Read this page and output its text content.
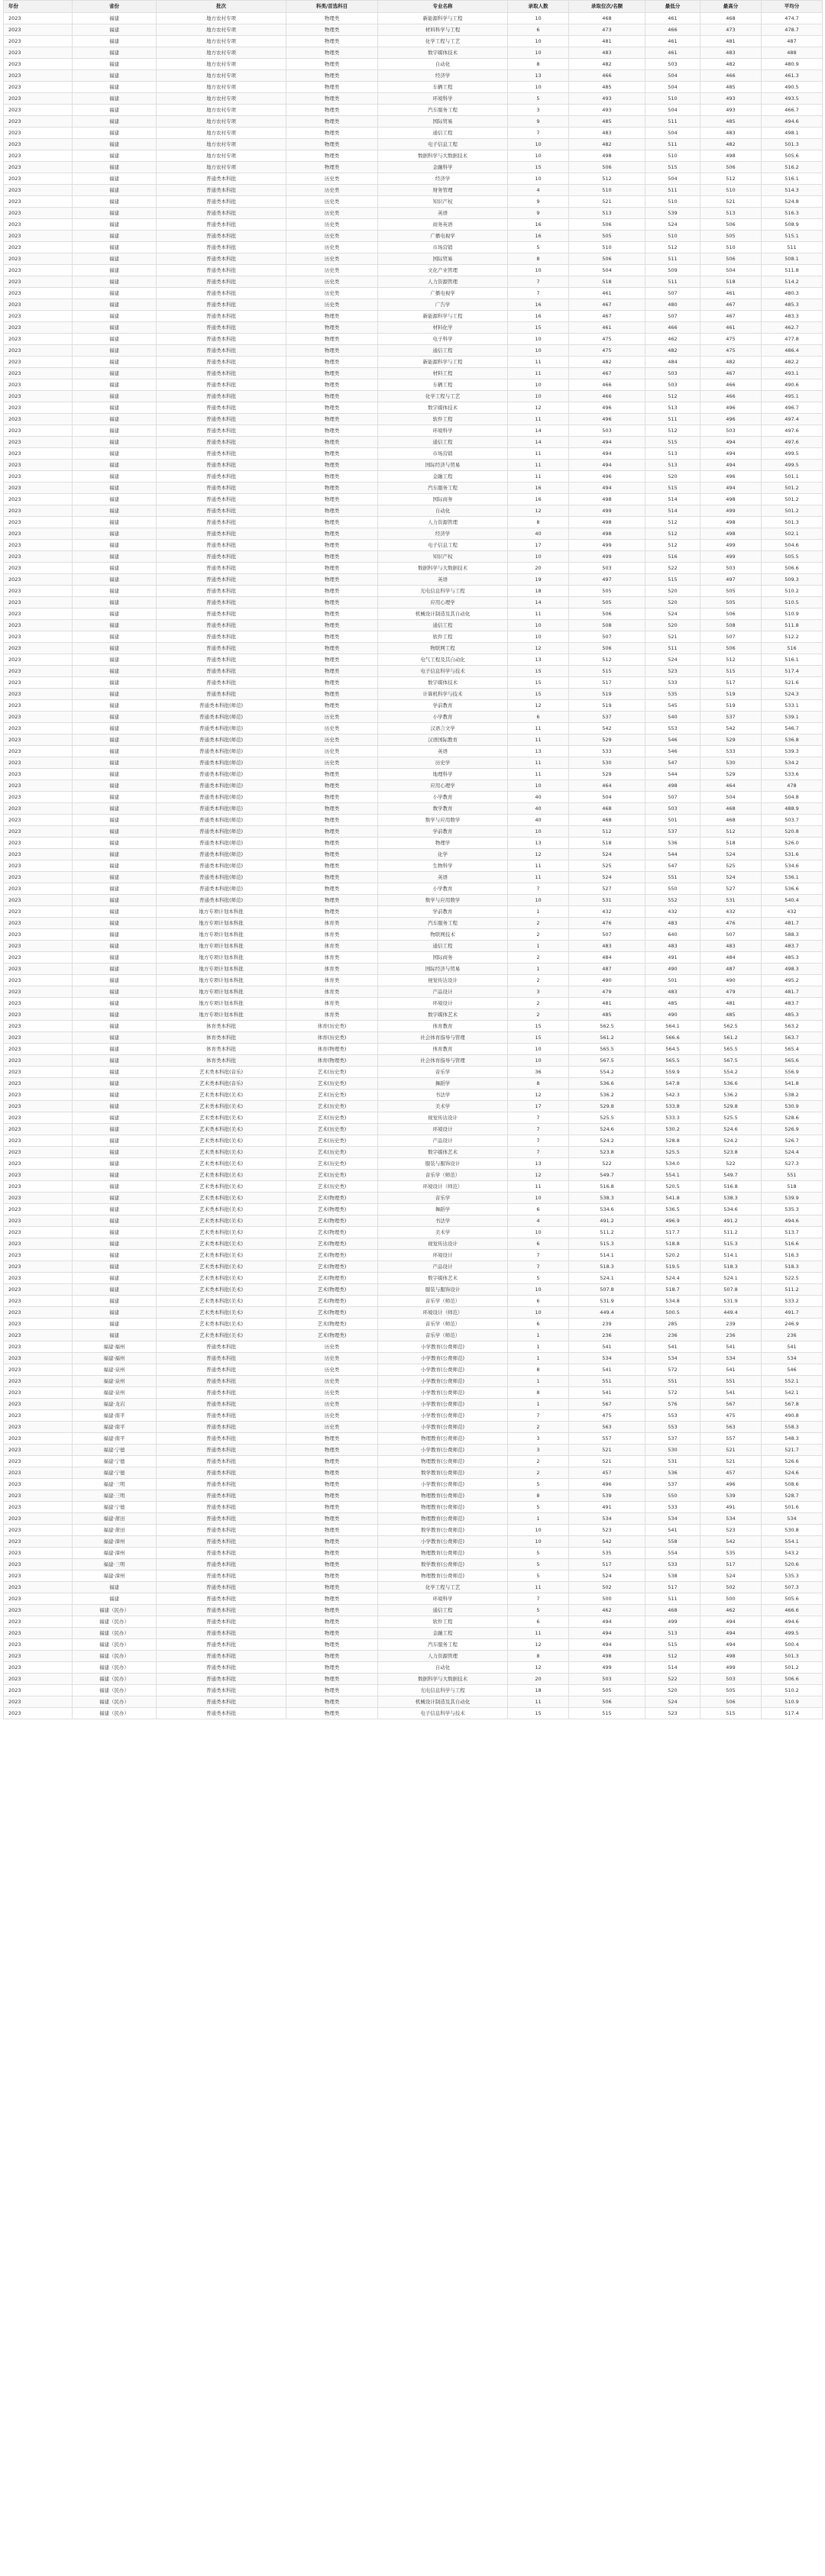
年份	省份	批次	科类/首选科目	专业名称	录取人数	录取位次/名额	最低分	最高分	平均分
2023	福建	地方农村专项	物理类	新能源科学与工程	10	468	461	468	474.7
2023	福建	地方农村专项	物理类	材料科学与工程	6	473	466	473	478.7
2023	福建	地方农村专项	物理类	化学工程与工艺	10	481	461	481	487
2023	福建	地方农村专项	物理类	数字媒体技术	10	483	461	483	488
2023	福建	地方农村专项	物理类	自动化	8	482	503	482	480.9
2023	福建	地方农村专项	物理类	经济学	13	466	504	466	461.3
2023	福建	地方农村专项	物理类	车辆工程	10	485	504	485	490.5
2023	福建	地方农村专项	物理类	环境科学	5	493	510	493	493.5
2023	福建	地方农村专项	物理类	汽车服务工程	3	493	504	493	466.7
2023	福建	地方农村专项	物理类	国际贸易	9	485	511	485	494.6
2023	福建	地方农村专项	物理类	通信工程	7	483	504	483	498.1
2023	福建	地方农村专项	物理类	电子信息工程	10	482	511	482	501.3
2023	福建	地方农村专项	物理类	数据科学与大数据技术	10	498	510	498	505.6
2023	福建	地方农村专项	物理类	金融科学	15	506	515	506	516.2
2023	福建	普通类本科批	历史类	经济学	10	512	504	512	516.1
2023	福建	普通类本科批	历史类	财务管理	4	510	511	510	514.3
2023	福建	普通类本科批	历史类	知识产权	9	521	510	521	524.8
2023	福建	普通类本科批	历史类	英语	9	513	539	513	516.3
2023	福建	普通类本科批	历史类	商务英语	16	506	524	506	508.9
2023	福建	普通类本科批	历史类	广播电视学	16	505	510	505	515.1
2023	福建	普通类本科批	历史类	市场营销	5	510	512	510	511
2023	福建	普通类本科批	历史类	国际贸易	8	506	511	506	508.1
2023	福建	普通类本科批	历史类	文化产业管理	10	504	509	504	511.8
2023	福建	普通类本科批	历史类	人力资源管理	7	518	511	518	514.2
2023	福建	普通类本科批	历史类	广播电视学	7	461	507	461	480.3
2023	福建	普通类本科批	历史类	广告学	16	467	480	467	485.3
2023	福建	普通类本科批	物理类	新能源科学与工程	16	467	507	467	483.3
2023	福建	普通类本科批	物理类	材料化学	15	461	466	461	462.7
2023	福建	普通类本科批	物理类	电子科学	10	475	462	475	477.8
2023	福建	普通类本科批	物理类	通信工程	10	475	482	475	486.4
2023	福建	普通类本科批	物理类	新能源科学与工程	11	482	484	482	482.2
2023	福建	普通类本科批	物理类	材料工程	11	467	503	467	493.1
2023	福建	普通类本科批	物理类	车辆工程	10	466	503	466	490.6
2023	福建	普通类本科批	物理类	化学工程与工艺	10	466	512	466	495.1
2023	福建	普通类本科批	物理类	数字媒体技术	12	496	513	496	496.7
2023	福建	普通类本科批	物理类	软件工程	11	496	511	496	497.4
2023	福建	普通类本科批	物理类	环境科学	14	503	512	503	497.6
2023	福建	普通类本科批	物理类	通信工程	14	494	515	494	497.6
2023	福建	普通类本科批	物理类	市场营销	11	494	513	494	499.5
2023	福建	普通类本科批	物理类	国际经济与贸易	11	494	513	494	499.5
2023	福建	普通类本科批	物理类	金融工程	11	496	520	496	501.1
2023	福建	普通类本科批	物理类	汽车服务工程	16	494	515	494	501.2
2023	福建	普通类本科批	物理类	国际商务	16	498	514	498	501.2
2023	福建	普通类本科批	物理类	自动化	12	499	514	499	501.2
2023	福建	普通类本科批	物理类	人力资源管理	8	498	512	498	501.3
2023	福建	普通类本科批	物理类	经济学	40	498	512	498	502.1
2023	福建	普通类本科批	物理类	电子信息工程	17	499	512	499	504.6
2023	福建	普通类本科批	物理类	知识产权	10	499	516	499	505.5
2023	福建	普通类本科批	物理类	数据科学与大数据技术	20	503	522	503	506.6
2023	福建	普通类本科批	物理类	英语	19	497	515	497	509.3
2023	福建	普通类本科批	物理类	光电信息科学与工程	18	505	520	505	510.2
2023	福建	普通类本科批	物理类	应用心理学	14	505	520	505	510.5
2023	福建	普通类本科批	物理类	机械设计制造及其自动化	11	506	524	506	510.9
2023	福建	普通类本科批	物理类	通信工程	10	508	520	508	511.8
2023	福建	普通类本科批	物理类	软件工程	10	507	521	507	512.2
2023	福建	普通类本科批	物理类	物联网工程	12	506	511	506	516
2023	福建	普通类本科批	物理类	电气工程及其自动化	13	512	524	512	516.1
2023	福建	普通类本科批	物理类	电子信息科学与技术	15	515	523	515	517.4
2023	福建	普通类本科批	物理类	数字媒体技术	15	517	533	517	521.6
2023	福建	普通类本科批	物理类	计算机科学与技术	15	519	535	519	524.3
2023	福建	普通类本科批(师范)	物理类	学前教育	12	519	545	519	533.1
2023	福建	普通类本科批(师范)	历史类	小学教育	6	537	540	537	539.1
2023	福建	普通类本科批(师范)	历史类	汉语言文学	11	542	553	542	546.7
2023	福建	普通类本科批(师范)	历史类	汉语国际教育	11	529	546	529	536.8
2023	福建	普通类本科批(师范)	历史类	英语	13	533	546	533	539.3
2023	福建	普通类本科批(师范)	历史类	历史学	11	530	547	530	534.2
2023	福建	普通类本科批(师范)	物理类	地理科学	11	529	544	529	533.6
2023	福建	普通类本科批(师范)	物理类	应用心理学	10	464	498	464	478
2023	福建	普通类本科批(师范)	物理类	小学教育	40	504	507	504	504.8
2023	福建	普通类本科批(师范)	物理类	数学教育	40	468	503	468	488.9
2023	福建	普通类本科批(师范)	物理类	数学与应用数学	40	468	501	468	503.7
2023	福建	普通类本科批(师范)	物理类	学前教育	10	512	537	512	520.8
2023	福建	普通类本科批(师范)	物理类	物理学	13	518	536	518	526.0
2023	福建	普通类本科批(师范)	物理类	化学	12	524	544	524	531.6
2023	福建	普通类本科批(师范)	物理类	生物科学	11	525	547	525	534.6
2023	福建	普通类本科批(师范)	物理类	英语	11	524	551	524	536.1
2023	福建	普通类本科批(师范)	物理类	小学教育	7	527	550	527	536.6
2023	福建	普通类本科批(师范)	物理类	数学与应用数学	10	531	552	531	540.4
2023	福建	地方专项计划本科批	物理类	学前教育	1	432	432	432	432
2023	福建	地方专项计划本科批	体育类	汽车服务工程	2	476	483	476	481.7
2023	福建	地方专项计划本科批	体育类	物联网技术	2	507	640	507	588.3
2023	福建	地方专项计划本科批	体育类	通信工程	1	483	483	483	483.7
2023	福建	地方专项计划本科批	体育类	国际商务	2	484	491	484	485.3
2023	福建	地方专项计划本科批	体育类	国际经济与贸易	1	487	490	487	498.3
2023	福建	地方专项计划本科批	体育类	视觉传达设计	2	490	501	490	495.2
2023	福建	地方专项计划本科批	体育类	产品设计	3	479	483	479	481.7
2023	福建	地方专项计划本科批	体育类	环境设计	2	481	485	481	483.7
2023	福建	地方专项计划本科批	体育类	数字媒体艺术	2	485	490	485	485.3
2023	福建	体育类本科批	体育(历史类)	体育教育	15	562.5	564.1	562.5	563.2
2023	福建	体育类本科批	体育(历史类)	社会体育指导与管理	15	561.2	566.6	561.2	563.7
2023	福建	体育类本科批	体育(物理类)	体育教育	10	565.5	564.5	565.5	565.4
2023	福建	体育类本科批	体育(物理类)	社会体育指导与管理	10	567.5	565.5	567.5	565.6
2023	福建	艺术类本科批(音乐)	艺术(历史类)	音乐学	36	554.2	559.9	554.2	556.9
2023	福建	艺术类本科批(音乐)	艺术(历史类)	舞蹈学	8	536.6	547.8	536.6	541.8
2023	福建	艺术类本科批(美术)	艺术(历史类)	书法学	12	536.2	542.3	536.2	538.2
2023	福建	艺术类本科批(美术)	艺术(历史类)	美术学	17	529.8	533.8	529.8	530.9
2023	福建	艺术类本科批(美术)	艺术(历史类)	视觉传达设计	7	525.5	533.3	525.5	528.6
2023	福建	艺术类本科批(美术)	艺术(历史类)	环境设计	7	524.6	530.2	524.6	526.9
2023	福建	艺术类本科批(美术)	艺术(历史类)	产品设计	7	524.2	528.8	524.2	526.7
2023	福建	艺术类本科批(美术)	艺术(历史类)	数字媒体艺术	7	523.8	525.5	523.8	524.4
2023	福建	艺术类本科批(美术)	艺术(历史类)	服装与服饰设计	13	522	534.0	522	527.3
2023	福建	艺术类本科批(美术)	艺术(历史类)	音乐学（师范）	12	549.7	554.1	549.7	551
2023	福建	艺术类本科批(美术)	艺术(历史类)	环境设计（师范）	11	516.8	520.5	516.8	518
2023	福建	艺术类本科批(美术)	艺术(物理类)	音乐学	10	538.3	541.8	538.3	539.9
2023	福建	艺术类本科批(美术)	艺术(物理类)	舞蹈学	6	534.6	536.5	534.6	535.3
2023	福建	艺术类本科批(美术)	艺术(物理类)	书法学	4	491.2	496.9	491.2	494.6
2023	福建	艺术类本科批(美术)	艺术(物理类)	美术学	10	511.2	517.7	511.2	513.7
2023	福建	艺术类本科批(美术)	艺术(物理类)	视觉传达设计	6	515.3	518.8	515.3	516.6
2023	福建	艺术类本科批(美术)	艺术(物理类)	环境设计	7	514.1	520.2	514.1	516.3
2023	福建	艺术类本科批(美术)	艺术(物理类)	产品设计	7	518.3	519.5	518.3	518.3
2023	福建	艺术类本科批(美术)	艺术(物理类)	数字媒体艺术	5	524.1	524.4	524.1	522.5
2023	福建	艺术类本科批(美术)	艺术(物理类)	服装与服饰设计	10	507.8	518.7	507.8	511.2
2023	福建	艺术类本科批(美术)	艺术(物理类)	音乐学（师范）	6	531.9	534.8	531.9	533.2
2023	福建	艺术类本科批(美术)	艺术(物理类)	环境设计（师范）	10	449.4	500.5	449.4	491.7
2023	福建	艺术类本科批(美术)	艺术(物理类)	音乐学（师范）	6	239	285	239	246.9
2023	福建	艺术类本科批(美术)	艺术(物理类)	音乐学（师范）	1	236	236	236	236
2023	福建·福州	普通类本科批	历史类	小学教育(公费师范)	1	541	541	541	541
2023	福建·福州	普通类本科批	历史类	小学教育(公费师范)	1	534	534	534	534
2023	福建·泉州	普通类本科批	历史类	小学教育(公费师范)	8	541	572	541	546
2023	福建·泉州	普通类本科批	历史类	小学教育(公费师范)	1	551	551	551	552.1
2023	福建·泉州	普通类本科批	历史类	小学教育(公费师范)	8	541	572	541	542.1
2023	福建·龙岩	普通类本科批	历史类	小学教育(公费师范)	1	567	576	567	567.8
2023	福建·南平	普通类本科批	历史类	小学教育(公费师范)	7	475	553	475	490.8
2023	福建·南平	普通类本科批	历史类	小学教育(公费师范)	2	563	553	563	558.3
2023	福建·南平	普通类本科批	物理类	物理教育(公费师范)	3	557	537	557	548.3
2023	福建·宁德	普通类本科批	物理类	小学教育(公费师范)	3	521	530	521	521.7
2023	福建·宁德	普通类本科批	物理类	物理教育(公费师范)	2	521	531	521	526.6
2023	福建·宁德	普通类本科批	物理类	数学教育(公费师范)	2	457	536	457	524.6
2023	福建·三明	普通类本科批	物理类	小学教育(公费师范)	5	496	537	496	508.6
2023	福建·三明	普通类本科批	物理类	物理教育(公费师范)	8	539	550	539	528.7
2023	福建·宁德	普通类本科批	物理类	物理教育(公费师范)	5	491	533	491	501.6
2023	福建·莆田	普通类本科批	物理类	物理教育(公费师范)	1	534	534	534	534
2023	福建·莆田	普通类本科批	物理类	数学教育(公费师范)	10	523	541	523	530.8
2023	福建·漳州	普通类本科批	物理类	小学教育(公费师范)	10	542	558	542	554.1
2023	福建·漳州	普通类本科批	物理类	物理教育(公费师范)	5	535	554	535	543.2
2023	福建·三明	普通类本科批	物理类	数学教育(公费师范)	5	517	533	517	520.6
2023	福建·漳州	普通类本科批	物理类	物理教育(公费师范)	5	524	538	524	535.3
2023	福建	普通类本科批	物理类	化学工程与工艺	11	502	517	502	507.3
2023	福建	普通类本科批	物理类	环境科学	7	500	511	500	505.6
2023	福建（民办）	普通类本科批	物理类	通信工程	5	462	468	462	466.6
2023	福建（民办）	普通类本科批	物理类	软件工程	6	494	499	494	494.6
2023	福建（民办）	普通类本科批	物理类	金融工程	11	494	513	494	499.5
2023	福建（民办）	普通类本科批	物理类	汽车服务工程	12	494	515	494	500.4
2023	福建（民办）	普通类本科批	物理类	人力资源管理	8	498	512	498	501.3
2023	福建（民办）	普通类本科批	物理类	自动化	12	499	514	499	501.2
2023	福建（民办）	普通类本科批	物理类	数据科学与大数据技术	20	503	522	503	506.6
2023	福建（民办）	普通类本科批	物理类	光电信息科学与工程	18	505	520	505	510.2
2023	福建（民办）	普通类本科批	物理类	机械设计制造及其自动化	11	506	524	506	510.9
2023	福建（民办）	普通类本科批	物理类	电子信息科学与技术	15	515	523	515	517.4
